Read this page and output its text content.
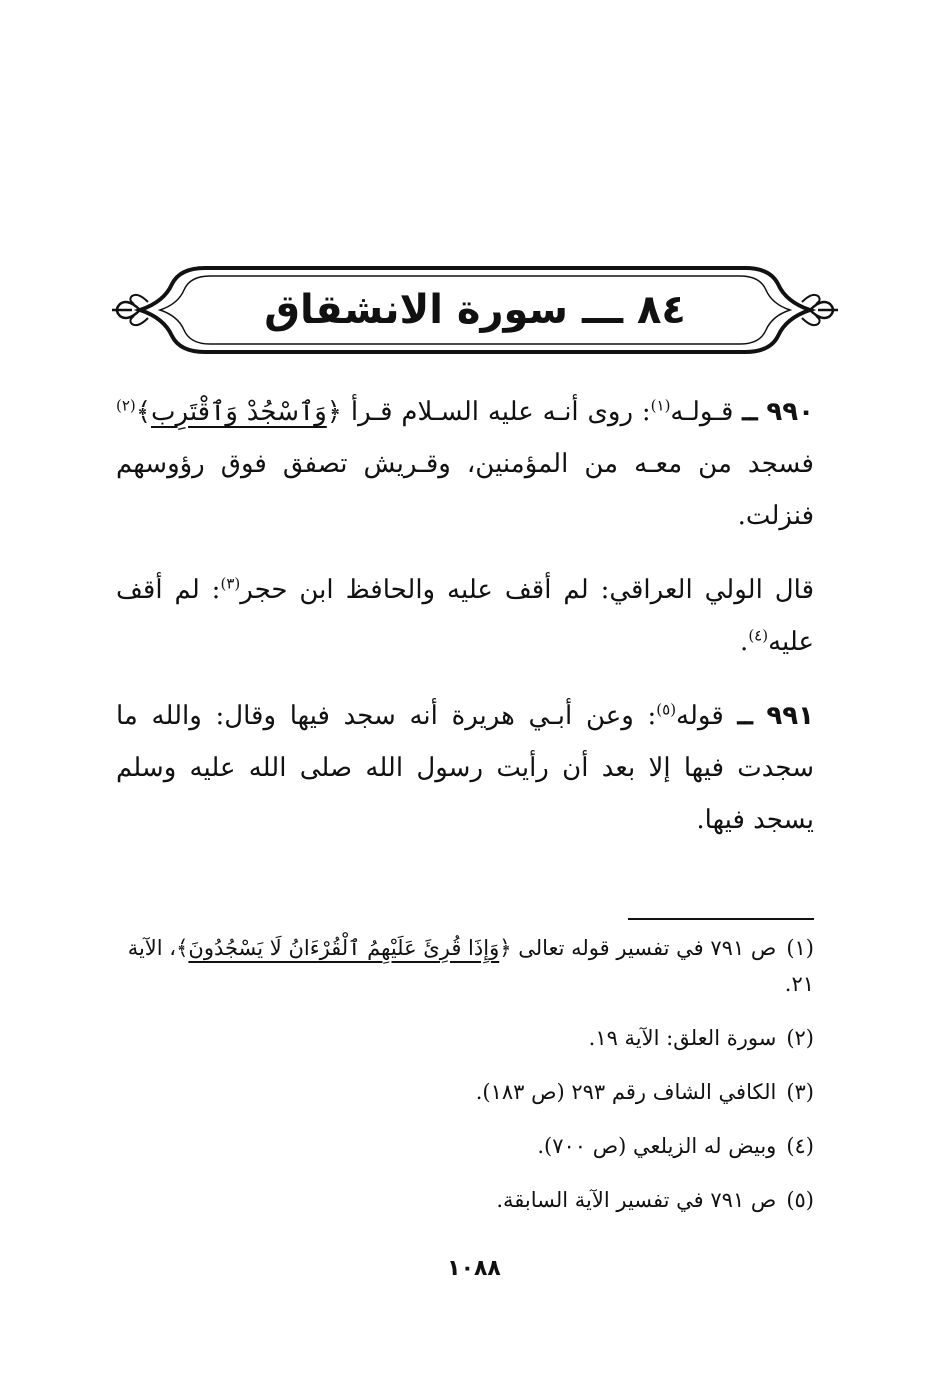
٨٤
ـــ
سورة الانشقاق

٩٩٠ ــ قـولـه$^{(١)}$: روى أنـه عليه السـلام قـرأ ﴿وَٱسْجُدْ وَٱقْتَرِب﴾$^{(٢)}$ فسجد من معـه من المؤمنين، وقـريش تصفق فوق رؤوسهم فنزلت.

قال الولي العراقي: لم أقف عليه والحافظ ابن حجر$^{(٣)}$: لم أقف عليه$^{(٤)}$.

٩٩١ ــ قوله$^{(٥)}$: وعن أبـي هريرة أنه سجد فيها وقال: والله ما سجدت فيها إلا بعد أن رأيت رسول الله صلى الله عليه وسلم يسجد فيها.

(١)ص ٧٩١ في تفسير قوله تعالى ﴿وَإِذَا قُرِئَ عَلَيْهِمُ ٱلْقُرْءَانُ لَا يَسْجُدُونَ﴾، الآية ٢١.

(٢)سورة العلق: الآية ١٩.

(٣)الكافي الشاف رقم ٢٩٣ (ص ١٨٣).

(٤)وبيض له الزيلعي (ص ٧٠٠).

(٥)ص ٧٩١ في تفسير الآية السابقة.

١٠٨٨
